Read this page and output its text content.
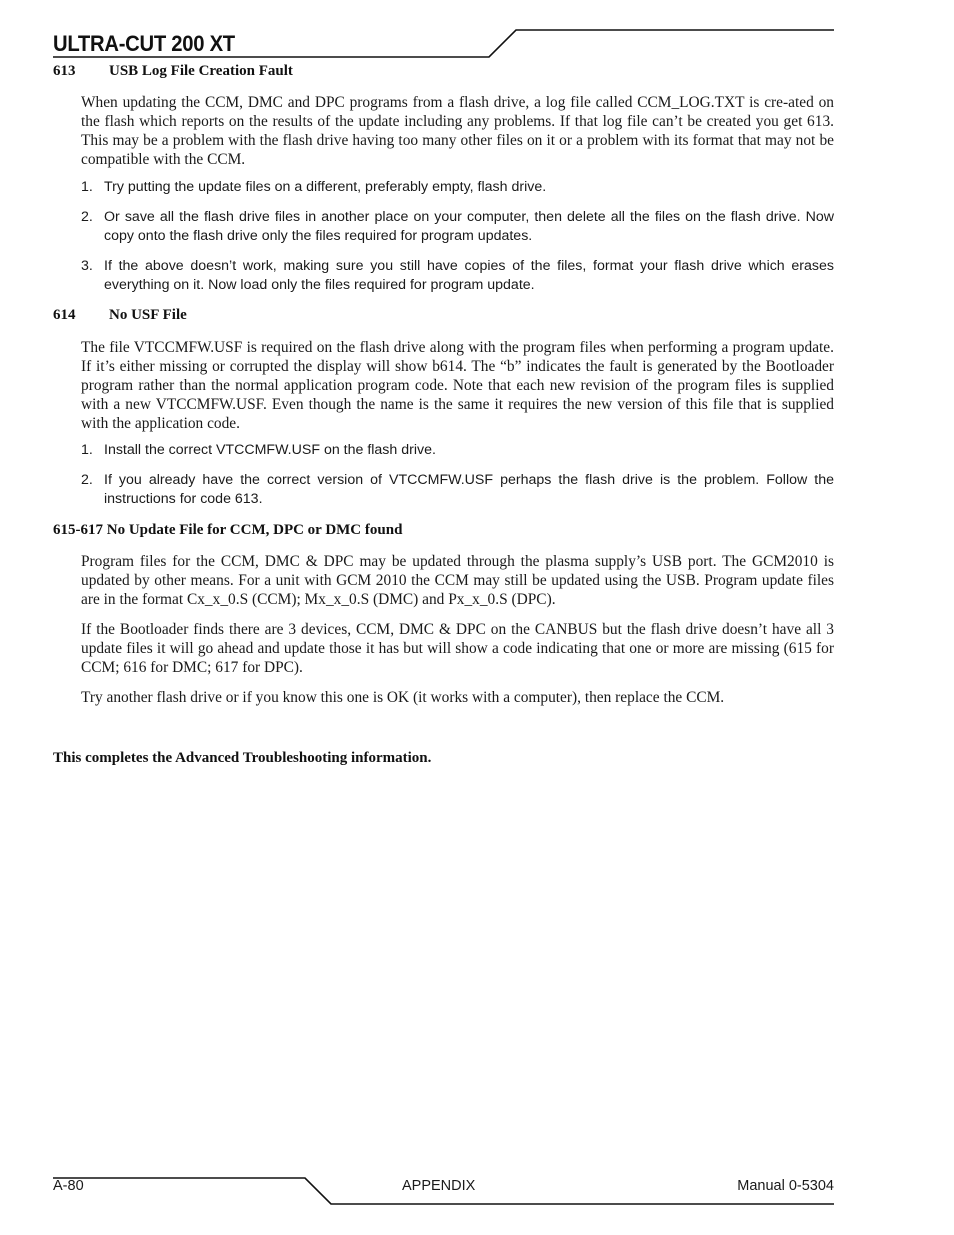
ULTRA-CUT 200 XT
613 USB Log File Creation Fault
When updating the CCM, DMC and DPC programs from a flash drive, a log file called CCM_LOG.TXT is cre-ated on the flash which reports on the results of the update including any problems. If that log file can’t be created you get 613. This may be a problem with the flash drive having too many other files on it or a problem with its format that may not be compatible with the CCM.
1. Try putting the update files on a different, preferably empty, flash drive.
2. Or save all the flash drive files in another place on your computer, then delete all the files on the flash drive. Now copy onto the flash drive only the files required for program updates.
3. If the above doesn’t work, making sure you still have copies of the files, format your flash drive which erases everything on it. Now load only the files required for program update.
614 No USF File
The file VTCCMFW.USF is required on the flash drive along with the program files when performing a program update. If it’s either missing or corrupted the display will show b614. The “b” indicates the fault is generated by the Bootloader program rather than the normal application program code. Note that each new revision of the program files is supplied with a new VTCCMFW.USF. Even though the name is the same it requires the new version of this file that is supplied with the application code.
1. Install the correct VTCCMFW.USF on the flash drive.
2. If you already have the correct version of VTCCMFW.USF perhaps the flash drive is the problem. Follow the instructions for code 613.
615-617 No Update File for CCM, DPC or DMC found
Program files for the CCM, DMC & DPC may be updated through the plasma supply’s USB port. The GCM2010 is updated by other means. For a unit with GCM 2010 the CCM may still be updated using the USB. Program update files are in the format Cx_x_0.S (CCM); Mx_x_0.S (DMC) and Px_x_0.S (DPC).
If the Bootloader finds there are 3 devices, CCM, DMC & DPC on the CANBUS but the flash drive doesn’t have all 3 update files it will go ahead and update those it has but will show a code indicating that one or more are missing (615 for CCM; 616 for DMC; 617 for DPC).
Try another flash drive or if you know this one is OK (it works with a computer), then replace the CCM.
This completes the Advanced Troubleshooting information.
A-80	APPENDIX	Manual 0-5304
